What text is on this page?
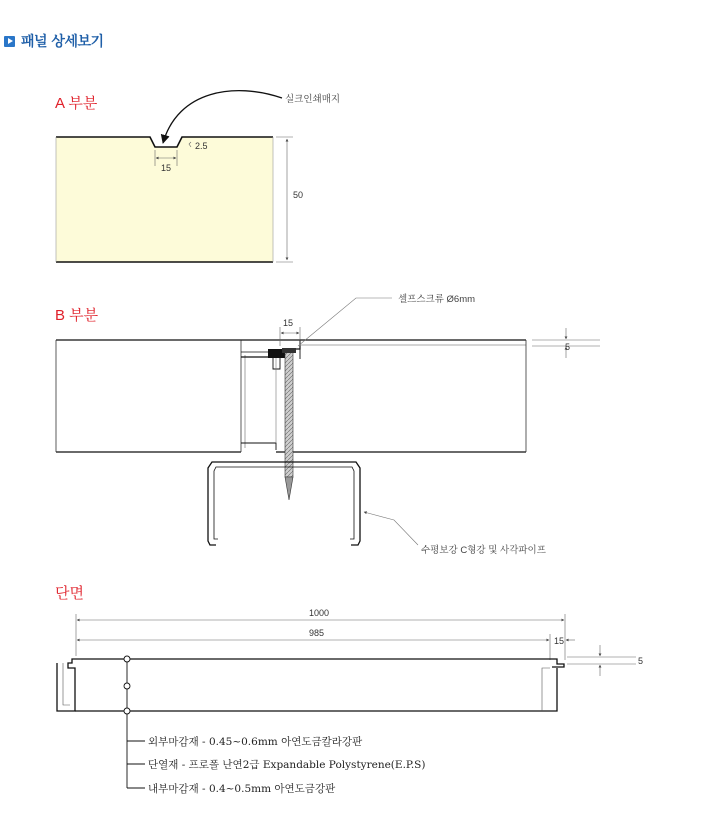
패널 상세보기
A 부분	실크인쇄매지
15
2.5
50
B 부분	15
5
셀프스크류 Ø6mm
수평보강 C형강 및 사각파이프
단면
1000
985
15
5
외부마감재 - 0.45~0.6mm 아연도금칼라강판
단열재 - 프로폴 난연2급 Expandable Polystyrene(E.P.S)
내부마감재 - 0.4~0.5mm 아연도금강판
